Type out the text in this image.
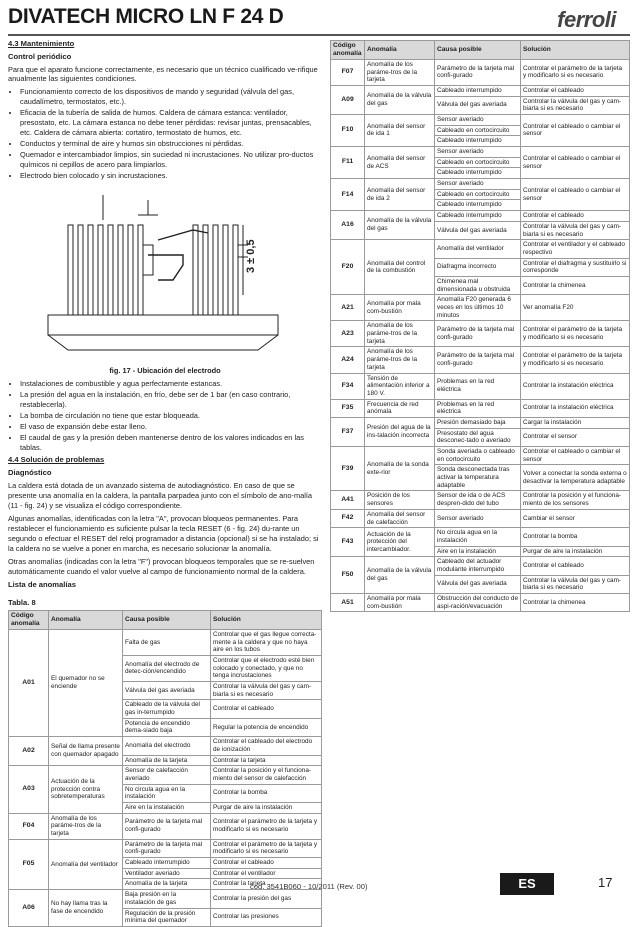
DIVATECH MICRO LN F 24 D	ferroli
4.3 Mantenimiento
Control periódico
Para que el aparato funcione correctamente, es necesario que un técnico cualificado ve-rifique anualmente las siguientes condiciones.
• Funcionamiento correcto de los dispositivos de mando y seguridad (válvula del gas, caudalímetro, termostatos, etc.).
• Eficacia de la tubería de salida de humos. Caldera de cámara estanca: ventilador, presostato, etc. La cámara estanca no debe tener pérdidas: revisar juntas, prensacables, etc. Caldera de cámara abierta: cortatiro, termostato de humos, etc.
• Conductos y terminal de aire y humos sin obstrucciones ni pérdidas.
• Quemador e intercambiador limpios, sin suciedad ni incrustaciones. No utilizar pro-ductos químicos ni cepillos de acero para limpiarlos.
• Electrodo bien colocado y sin incrustaciones.
3 ± 0,5
fig. 17 - Ubicación del electrodo
• Instalaciones de combustible y agua perfectamente estancas.
• La presión del agua en la instalación, en frío, debe ser de 1 bar (en caso contrario, restablecerla).
• La bomba de circulación no tiene que estar bloqueada.
• El vaso de expansión debe estar lleno.
• El caudal de gas y la presión deben mantenerse dentro de los valores indicados en las tablas.
4.4 Solución de problemas
Diagnóstico
La caldera está dotada de un avanzado sistema de autodiagnóstico. En caso de que se presente una anomalía en la caldera, la pantalla parpadea junto con el símbolo de ano-malía (11 - fig. 24) y se visualiza el código correspondiente.
Algunas anomalías, identificadas con la letra "A", provocan bloqueos permanentes. Para restablecer el funcionamiento es suficiente pulsar la tecla RESET (6 - fig. 24) du-rante un segundo o efectuar el RESET del reloj programador a distancia (opcional) si se ha instalado; si la caldera no se vuelve a poner en marcha, es necesario solucionar la anomalía.
Otras anomalías (indicadas con la letra "F") provocan bloqueos temporales que se re-suelven automáticamente cuando el valor vuelve al campo de funcionamiento normal de la caldera.
Lista de anomalías
Tabla. 8
Código anomalía	Anomalía	Causa posible	Solución
A01	El quemador no se enciende	Falta de gas	Controlar que el gas llegue correcta-mente a la caldera y que no haya aire en los tubos
		Anomalía del electrodo de detec-ción/encendido	Controlar que el electrodo esté bien colocado y conectado, y que no tenga incrustaciones
		Válvula del gas averiada	Controlar la válvula del gas y cam-biarla si es necesario
		Cableado de la válvula del gas in-terrumpido	Controlar el cableado
		Potencia de encendido dema-siado baja	Regular la potencia de encendido
A02	Señal de llama presente con quemador apagado	Anomalía del electrodo	Controlar el cableado del electrodo de ionización
		Anomalía de la tarjeta	Controlar la tarjeta
A03	Actuación de la protección contra sobretemperaturas	Sensor de calefacción averiado	Controlar la posición y el funciona-miento del sensor de calefacción
		No circula agua en la instalación	Controlar la bomba
		Aire en la instalación	Purgar de aire la instalación
F04	Anomalía de los paráme-tros de la tarjeta	Parámetro de la tarjeta mal confi-gurado	Controlar el parámetro de la tarjeta y modificarlo si es necesario
F05	Anomalía del ventilador	Parámetro de la tarjeta mal confi-gurado	Controlar el parámetro de la tarjeta y modificarlo si es necesario
		Cableado interrumpido	Controlar el cableado
		Ventilador averiado	Controlar el ventilador
		Anomalía de la tarjeta	Controlar la tarjeta
A06	No hay llama tras la fase de encendido	Baja presión en la instalación de gas	Controlar la presión del gas
		Regulación de la presión mínima del quemador	Controlar las presiones
Código anomalía	Anomalía	Causa posible	Solución
F07	Anomalía de los paráme-tros de la tarjeta	Parámetro de la tarjeta mal confi-gurado	Controlar el parámetro de la tarjeta y modificarlo si es necesario
A09	Anomalía de la válvula del gas	Cableado interrumpido	Controlar el cableado
		Válvula del gas averiada	Controlar la válvula del gas y cam-biarla si es necesario
F10	Anomalía del sensor de ida 1	Sensor averiado	Controlar el cableado o cambiar el sensor
		Cableado en cortocircuito	
		Cableado interrumpido	
F11	Anomalía del sensor de ACS	Sensor averiado	Controlar el cableado o cambiar el sensor
		Cableado en cortocircuito	
		Cableado interrumpido	
F14	Anomalía del sensor de ida 2	Sensor averiado	Controlar el cableado o cambiar el sensor
		Cableado en cortocircuito	
		Cableado interrumpido	
A16	Anomalía de la válvula del gas	Cableado interrumpido	Controlar el cableado
		Válvula del gas averiada	Controlar la válvula del gas y cam-biarla si es necesario
F20	Anomalía del control de la combustión	Anomalía del ventilador	Controlar el ventilador y el cableado respectivo
		Diafragma incorrecto	Controlar el diafragma y sustituirlo si corresponde
		Chimenea mal dimensionada u obstruida	Controlar la chimenea
A21	Anomalía por mala com-bustión	Anomalía F20 generada 6 veces en los últimos 10 minutos	Ver anomalía F20
A23	Anomalía de los paráme-tros de la tarjeta	Parámetro de la tarjeta mal confi-gurado	Controlar el parámetro de la tarjeta y modificarlo si es necesario
A24	Anomalía de los paráme-tros de la tarjeta	Parámetro de la tarjeta mal confi-gurado	Controlar el parámetro de la tarjeta y modificarlo si es necesario
F34	Tensión de alimentación inferior a 180 V.	Problemas en la red eléctrica	Controlar la instalación eléctrica
F35	Frecuencia de red anómala	Problemas en la red eléctrica	Controlar la instalación eléctrica
F37	Presión del agua de la ins-talación incorrecta	Presión demasiado baja	Cargar la instalación
		Presostato del agua desconec-tado o averiado	Controlar el sensor
F39	Anomalía de la sonda exte-rior	Sonda averiada o cableado en cortocircuito	Controlar el cableado o cambiar el sensor
		Sonda desconectada tras activar la temperatura adaptable	Volver a conectar la sonda externa o desactivar la temperatura adaptable
A41	Posición de los sensores	Sensor de ida o de ACS despren-dido del tubo	Controlar la posición y el funciona-miento de los sensores
F42	Anomalía del sensor de calefacción	Sensor averiado	Cambiar el sensor
F43	Actuación de la protección del intercambiador.	No circula agua en la instalación	Controlar la bomba
		Aire en la instalación	Purgar de aire la instalación
F50	Anomalía de la válvula del gas	Cableado del actuador modulante interrumpido	Controlar el cableado
		Válvula del gas averiada	Controlar la válvula del gas y cam-biarla si es necesario
A51	Anomalía por mala com-bustión	Obstrucción del conducto de aspi-ración/evacuación	Controlar la chimenea
cod. 3541B060 - 10/2011 (Rev. 00)	ES	17
